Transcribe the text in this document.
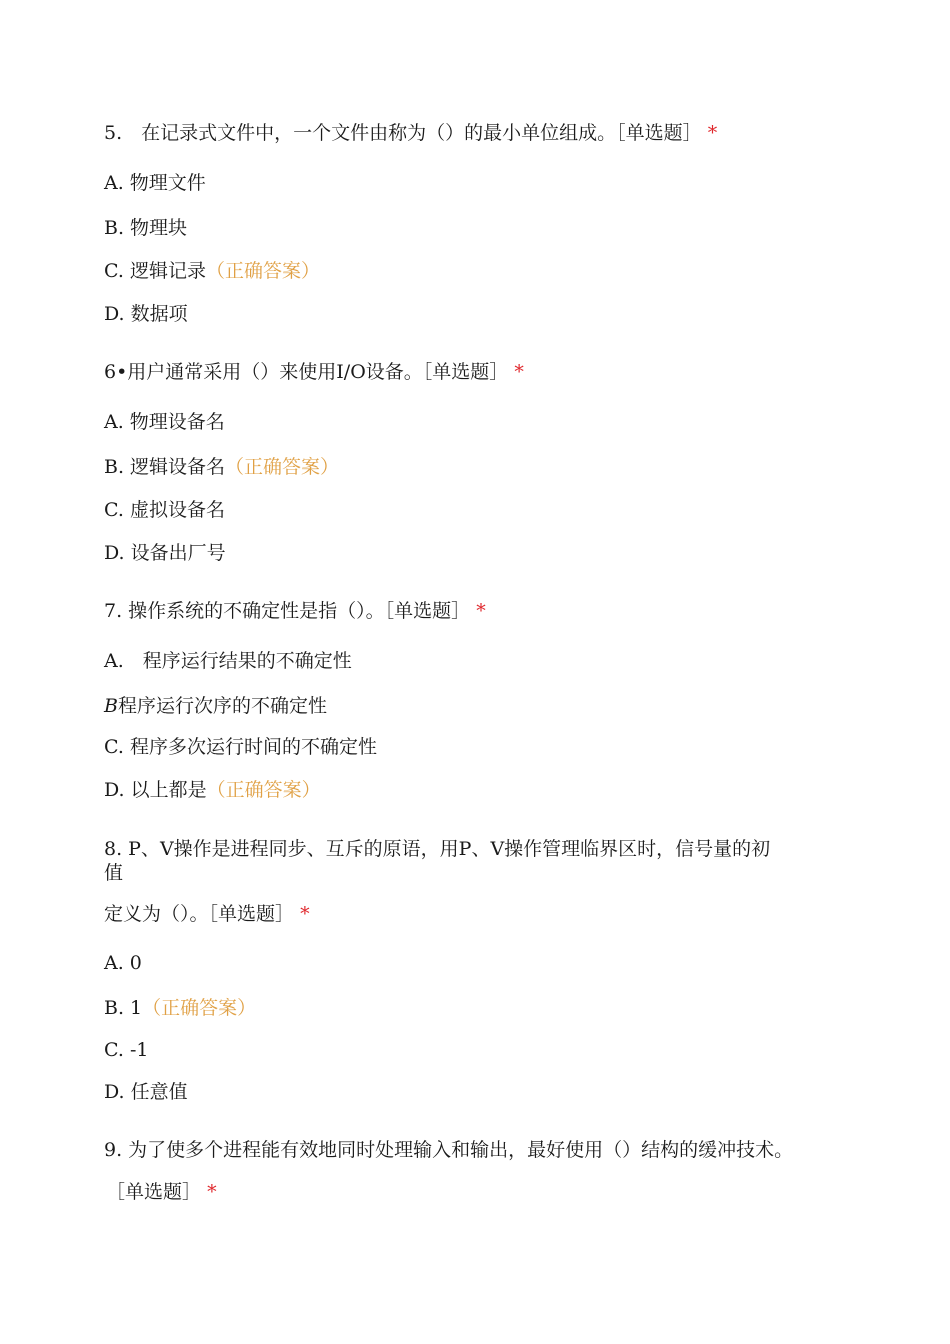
5.　在记录式文件中，一个文件由称为（）的最小单位组成。［单选题］ *
A. 物理文件
B. 物理块
C. 逻辑记录（正确答案）
D. 数据项
6•用户通常采用（）来使用I/O设备。［单选题］ *
A. 物理设备名
B. 逻辑设备名（正确答案）
C. 虚拟设备名
D. 设备出厂号
7. 操作系统的不确定性是指（）。［单选题］ *
A.　程序运行结果的不确定性
B程序运行次序的不确定性
C. 程序多次运行时间的不确定性
D. 以上都是（正确答案）
8. P、V操作是进程同步、互斥的原语，用P、V操作管理临界区时，信号量的初
值
定义为（）。［单选题］ *
A. 0
B. 1（正确答案）
C. -1
D. 任意值
9. 为了使多个进程能有效地同时处理输入和输出，最好使用（）结构的缓冲技术。
［单选题］ *
